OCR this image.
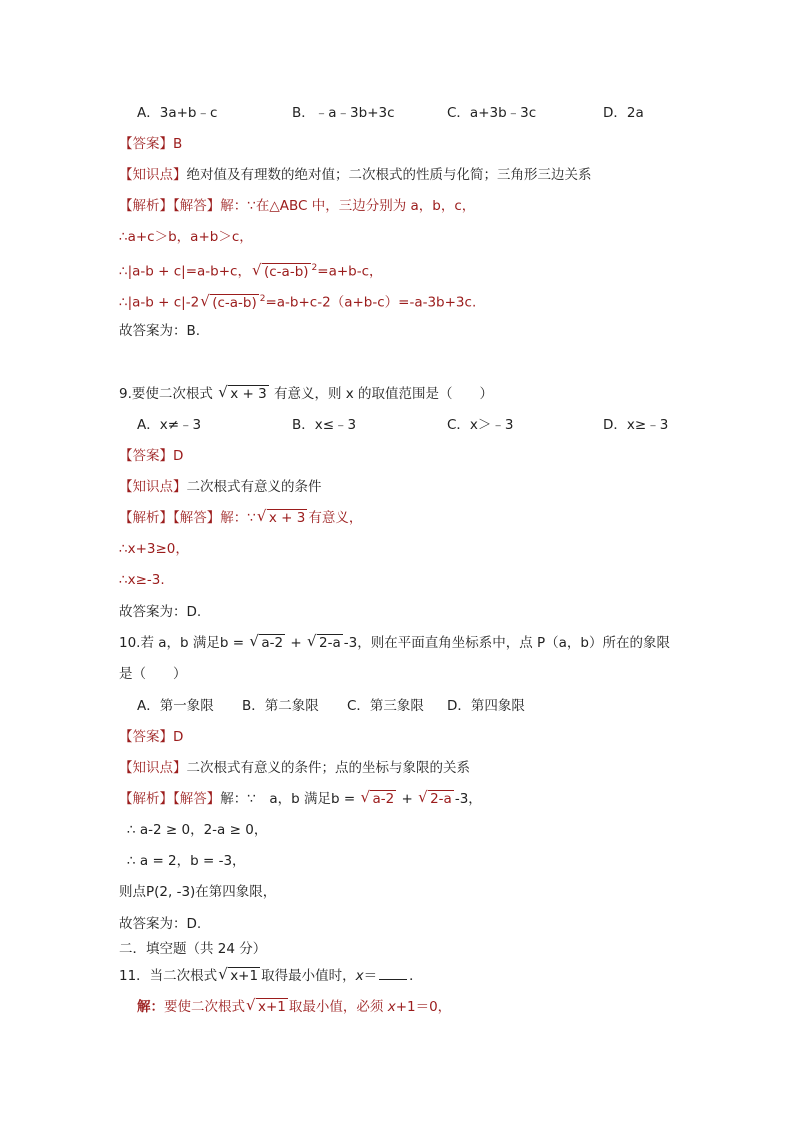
A．3a+b﹣c	B．﹣a﹣3b+3c	C．a+3b﹣3c	D．2a
【答案】B
【知识点】绝对值及有理数的绝对值；二次根式的性质与化简；三角形三边关系
【解析】【解答】解：∵在△ABC 中，三边分别为 a，b，c，
∴a+c＞b，a+b＞c，
∴|a-b + c|=a-b+c， √ (c-a-b) $^2$=a+b-c，
∴|a-b + c|-2 √ (c-a-b) $^2$=a-b+c-2（a+b-c）=-a-3b+3c.
故答案为：B.
9.要使二次根式 √ x + 3 有意义，则 x 的取值范围是（　　）
A．x≠﹣3	B．x≤﹣3	C．x＞﹣3	D．x≥﹣3
【答案】D
【知识点】二次根式有意义的条件
【解析】【解答】解：∵ √ x + 3 有意义，
∴x+3≥0，
∴x≥-3.
故答案为：D.
10.若 a，b 满足b = √ a-2 + √ 2-a -3，则在平面直角坐标系中，点 P（a，b）所在的象限
是（　　）
A．第一象限 B．第二象限 C．第三象限 D．第四象限
【答案】D
【知识点】二次根式有意义的条件；点的坐标与象限的关系
【解析】【解答】解：∵　a，b 满足b = √ a-2 + √ 2-a -3，
∴ a-2 ≥ 0，2-a ≥ 0，
∴ a = 2，b = -3，
则点P(2, -3)在第四象限，
故答案为：D.
二．填空题（共 24 分）
11．当二次根式 √ x+1 取得最小值时，x＝ ．
解：要使二次根式 √ x+1 取最小值，必须 x+1＝0，
